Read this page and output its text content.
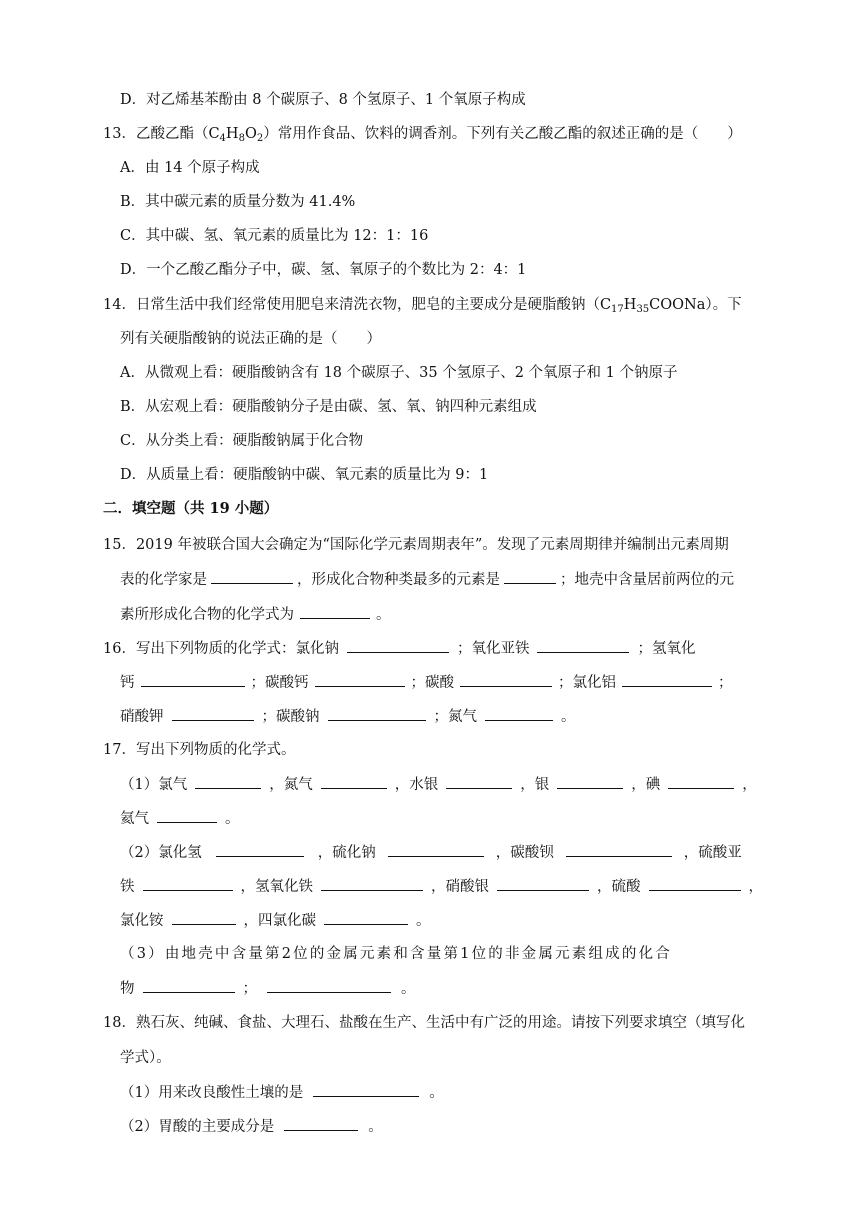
D．对乙烯基苯酚由 8 个碳原子、8 个氢原子、1 个氧原子构成
13．乙酸乙酯$(C_4H_8O_2)$常用作食品、饮料的调香剂。下列有关乙酸乙酯的叙述正确的是（　　）
A．由 14 个原子构成
B．其中碳元素的质量分数为 41.4%
C．其中碳、氢、氧元素的质量比为 12：1：16
D．一个乙酸乙酯分子中，碳、氢、氧原子的个数比为 2：4：1
14．日常生活中我们经常使用肥皂来清洗衣物，肥皂的主要成分是硬脂酸钠$(C_{17}H_{35}COONa)$。下
列有关硬脂酸钠的说法正确的是（　　）
A．从微观上看：硬脂酸钠含有 18 个碳原子、35 个氢原子、2 个氧原子和 1 个钠原子
B．从宏观上看：硬脂酸钠分子是由碳、氢、氧、钠四种元素组成
C．从分类上看：硬脂酸钠属于化合物
D．从质量上看：硬脂酸钠中碳、氧元素的质量比为 9：1
二．填空题（共 19 小题）
15．2019 年被联合国大会确定为“国际化学元素周期表年”。发现了元素周期律并编制出元素周期
表的化学家是	，形成化合物种类最多的元素是	；地壳中含量居前两位的元
素所形成化合物的化学式为	。
16．写出下列物质的化学式：氯化钠	；氧化亚铁	；氢氧化
钙	；碳酸钙	；碳酸	；氯化铝	；
硝酸钾	；碳酸钠	；氮气	。
17．写出下列物质的化学式。
（1）氯气	，氮气	，水银	，银	，碘	，
氦气	。
（2）氯化氢	，硫化钠	，碳酸钡	，硫酸亚
铁	，氢氧化铁	，硝酸银	，硫酸	，
氯化铵	，四氯化碳	。
（3）由地壳中含量第2位的金属元素和含量第1位的非金属元素组成的化合
物	；	。
18．熟石灰、纯碱、食盐、大理石、盐酸在生产、生活中有广泛的用途。请按下列要求填空（填写化
学式）。
（1）用来改良酸性土壤的是	。
（2）胃酸的主要成分是	。
